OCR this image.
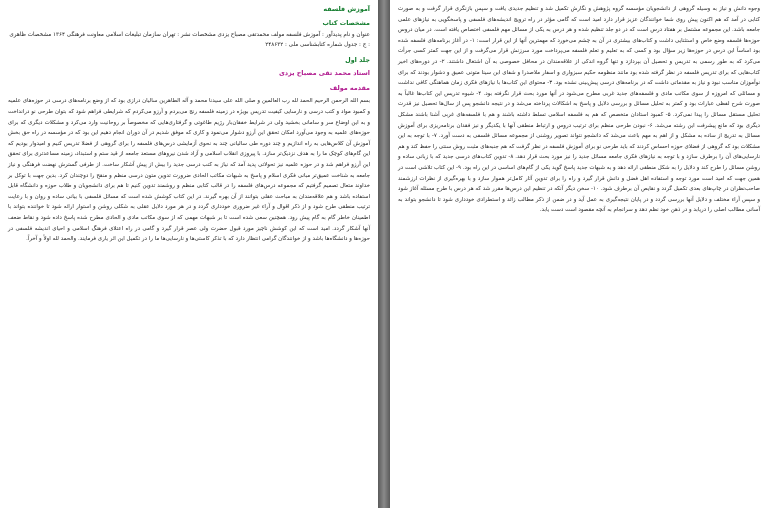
آموزش فلسفه

مشخصات کتاب

عنوان و نام پدیدآور : آموزش فلسفه مولف محمدتقی مصباح یزدی مشخصات نشر : تهران سازمان تبلیغات اسلامی معاونت فرهنگی ۱۳۶۴ مشخصات ظاهری : ج : جدول شماره کتابشناسی ملی : ۲۴۸۶۳۲

جلد اول

استاد محمد تقی مصباح یزدی

مقدمه مولف

بسم الله الرحمن الرحیم الحمد لله رب العالمین و صلی الله علی سیدنا محمد و آله الطاهرین سالیان درازی بود که از وضع برنامه‌های درسی در حوزه‌های علمیه و کمبود مواد و کتب درسی و نارسایی کیفیت تدریس بویژه در زمینه فلسفه رنج می‌بردم و آرزو می‌کردم که شرایطی فراهم شود که بتوان طرحی نو درانداخت و به این اوضاع سر و سامانی بخشید ولی در شرایط خفقان‌بار رژیم طاغوتی و گرفتاری‌هایی که مخصوصاً بر روحانیت وارد می‌کرد و مشکلات دیگری که برای حوزه‌های علمیه به وجود می‌آورد امکان تحقق این آرزو دشوار می‌نمود و کاری که موفق شدیم در آن دوران انجام دهیم این بود که در مؤسسه در راه حق بخش آموزش آن کلاس‌هایی به راه اندازیم و چند دوره طی سالیانی چند به نحوی آزمایشی درس‌های فلسفه را برای گروهی از فضلا تدریس کنیم و امیدوار بودیم که این گام‌های کوچک ما را به هدف نزدیک‌تر سازد. با پیروزی انقلاب اسلامی و آزاد شدن نیروهای مستعد جامعه از قید ستم و استبداد، زمینه مساعدتری برای تحقق این آرزو فراهم شد و در حوزه علمیه نیز تحولاتی پدید آمد که نیاز به کتب درسی جدید را بیش از پیش آشکار ساخت. از طرفی گسترش نهضت فرهنگی و نیاز جامعه به شناخت عمیق‌تر مبانی فکری اسلام و پاسخ به شبهات مکاتب الحادی ضرورت تدوین متون درسی منظم و منقح را دوچندان کرد. بدین جهت با توکل بر خداوند متعال تصمیم گرفتیم که مجموعه درس‌های فلسفه را در قالب کتابی منظم و روشمند تدوین کنیم تا هم برای دانشجویان و طلاب حوزه و دانشگاه قابل استفاده باشد و هم علاقه‌مندان به مباحث عقلی بتوانند از آن بهره گیرند. در این کتاب کوشش شده است که مسائل فلسفی با بیانی ساده و روان و با رعایت ترتیب منطقی طرح شود و از ذکر اقوال و آراء غیر ضروری خودداری گردد و در هر مورد دلایل عقلی به شکلی روشن و استوار ارائه شود تا خواننده بتواند با اطمینان خاطر گام به گام پیش رود. همچنین سعی شده است تا بر شبهات مهمی که از سوی مکاتب مادی و الحادی مطرح شده پاسخ داده شود و نقاط ضعف آنها آشکار گردد. امید است که این کوشش ناچیز مورد قبول حضرت ولی عصر قرار گیرد و گامی در راه اعتلای فرهنگ اسلامی و احیای اندیشه فلسفی در حوزه‌ها و دانشگاه‌ها باشد و از خوانندگان گرامی انتظار دارد که با تذکر کاستی‌ها و نارسایی‌ها ما را در تکمیل این اثر یاری فرمایند. والحمد لله اولاً و آخراً.

وجوه دانش و نیاز به وسیله گروهی از دانشجویان مؤسسه گروه پژوهش و نگارش تکمیل شد و تنظیم جدیدی یافت و سپس بازنگری قرار گرفت و به صورت کتابی در آمد که هم اکنون پیش روی شما خوانندگان عزیز قرار دارد امید است که گامی مؤثر در راه ترویج اندیشه‌های فلسفی و پاسخگویی به نیازهای علمی جامعه باشد. این مجموعه مشتمل بر هفتاد درس است که در دو جلد تنظیم شده و هر درس به یکی از مسائل مهم فلسفی اختصاص یافته است. در میان دروس حوزه‌ها فلسفه وضع خاص و استثنایی داشت و کتاب‌های بیشتری در آن به چشم می‌خورد که مهمترین آنها از این قرار است: ۱- در آغاز برنامه‌های فلسفه شده بود اساساً این درس در حوزه‌ها زیر سؤال بود و کسی که به تعلیم و تعلم فلسفه می‌پرداخت مورد سرزنش قرار می‌گرفت و از این جهت کمتر کسی جرأت می‌کرد که به طور رسمی به تدریس و تحصیل آن بپردازد و تنها گروه اندکی از علاقه‌مندان در محافل خصوصی به آن اشتغال داشتند. ۲- در دوره‌های اخیر کتاب‌هایی که برای تدریس فلسفه در نظر گرفته شده بود مانند منظومه حکیم سبزواری و اسفار ملاصدرا و شفای ابن سینا متونی عمیق و دشوار بودند که برای نوآموزان مناسب نبود و نیاز به مقدماتی داشت که در برنامه‌های درسی پیش‌بینی نشده بود. ۳- محتوای این کتاب‌ها با نیازهای فکری زمان هماهنگی کافی نداشت و مسائلی که امروزه از سوی مکاتب مادی و فلسفه‌های جدید غربی مطرح می‌شود در آنها مورد بحث قرار نگرفته بود. ۴- شیوه تدریس این کتاب‌ها غالباً به صورت شرح لفظی عبارات بود و کمتر به تحلیل مسائل و بررسی دلایل و پاسخ به اشکالات پرداخته می‌شد و در نتیجه دانشجو پس از سال‌ها تحصیل نیز قدرت تحلیل مستقل مسائل را پیدا نمی‌کرد. ۵- کمبود استادان متخصص که هم به فلسفه اسلامی تسلط داشته باشند و هم با فلسفه‌های غربی آشنا باشند مشکل دیگری بود که مانع پیشرفت این رشته می‌شد. ۶- نبودن طرحی منظم برای ترتیب دروس و ارتباط منطقی آنها با یکدیگر و نیز فقدان برنامه‌ریزی برای آموزش مسائل به تدریج از ساده به مشکل و از اهم به مهم باعث می‌شد که دانشجو نتواند تصویر روشنی از مجموعه مسائل فلسفی به دست آورد. ۷- با توجه به این مشکلات بود که گروهی از فضلای حوزه احساس کردند که باید طرحی نو برای آموزش فلسفه در نظر گرفت که هم جنبه‌های مثبت روش سنتی را حفظ کند و هم نارسایی‌های آن را برطرف سازد و با توجه به نیازهای فکری جامعه مسائل جدید را نیز مورد بحث قرار دهد. ۸- تدوین کتاب‌های درسی جدید که با زبانی ساده و روشن مسائل را طرح کند و دلایل را به شکل منطقی ارائه دهد و به شبهات جدید پاسخ گوید یکی از گام‌های اساسی در این راه بود. ۹- این کتاب تلاشی است در همین جهت که امید است مورد توجه و استفاده اهل فضل و دانش قرار گیرد و راه را برای تدوین آثار کامل‌تر هموار سازد و با بهره‌گیری از نظرات ارزشمند صاحب‌نظران در چاپ‌های بعدی تکمیل گردد و نقایص آن برطرف شود. ۱۰- سخن دیگر آنکه در تنظیم این درس‌ها مقرر شد که هر درس با طرح مسئله آغاز شود و سپس آراء مختلف و دلایل آنها بررسی گردد و در پایان نتیجه‌گیری به عمل آید و در ضمن از ذکر مطالب زائد و استطرادی خودداری شود تا دانشجو بتواند به آسانی مطالب اصلی را دریابد و در ذهن خود نظم دهد و سرانجام به آنچه مقصود است دست یابد.
